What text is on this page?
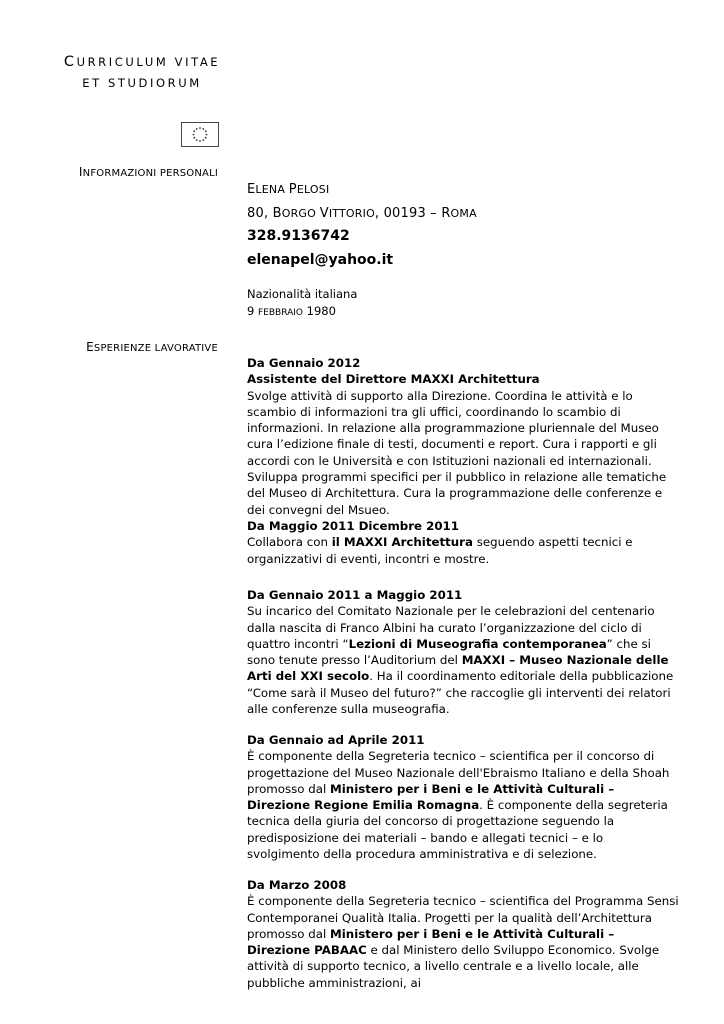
CURRICULUM VITAE
ET STUDIORUM
INFORMAZIONI PERSONALI
ELENA PELOSI
80, BORGO VITTORIO, 00193 – ROMA
328.9136742
elenapel@yahoo.it
Nazionalità italiana
9 FEBBRAIO 1980
ESPERIENZE LAVORATIVE

Da Gennaio 2012

Assistente del Direttore MAXXI Architettura

Svolge attività di supporto alla Direzione. Coordina le attività e lo scambio di informazioni tra gli uffici, coordinando lo scambio di informazioni. In relazione alla programmazione pluriennale del Museo cura l’edizione finale di testi, documenti e report. Cura i rapporti e gli accordi con le Università e con Istituzioni nazionali ed internazionali. Sviluppa programmi specifici per il pubblico in relazione alle tematiche del Museo di Architettura. Cura la programmazione delle conferenze e dei convegni del Msueo.

Da Maggio 2011 Dicembre 2011

Collabora con il MAXXI Architettura seguendo aspetti tecnici e organizzativi di eventi, incontri e mostre.

Da Gennaio 2011 a Maggio 2011

Su incarico del Comitato Nazionale per le celebrazioni del centenario dalla nascita di Franco Albini ha curato l’organizzazione del ciclo di quattro incontri “Lezioni di Museografia contemporanea” che si sono tenute presso l’Auditorium del MAXXI – Museo Nazionale delle Arti del XXI secolo. Ha il coordinamento editoriale della pubblicazione “Come sarà il Museo del futuro?” che raccoglie gli interventi dei relatori alle conferenze sulla museografia.

Da Gennaio ad Aprile 2011

È componente della Segreteria tecnico – scientifica per il concorso di progettazione del Museo Nazionale dell'Ebraismo Italiano e della Shoah promosso dal Ministero per i Beni e le Attività Culturali – Direzione Regione Emilia Romagna. È componente della segreteria tecnica della giuria del concorso di progettazione seguendo la predisposizione dei materiali – bando e allegati tecnici – e lo svolgimento della procedura amministrativa e di selezione.

Da Marzo 2008

È componente della Segreteria tecnico – scientifica del Programma Sensi Contemporanei Qualità Italia. Progetti per la qualità dell’Architettura promosso dal Ministero per i Beni e le Attività Culturali – Direzione PABAAC e dal Ministero dello Sviluppo Economico. Svolge attività di supporto tecnico, a livello centrale e a livello locale, alle pubbliche amministrazioni, ai
